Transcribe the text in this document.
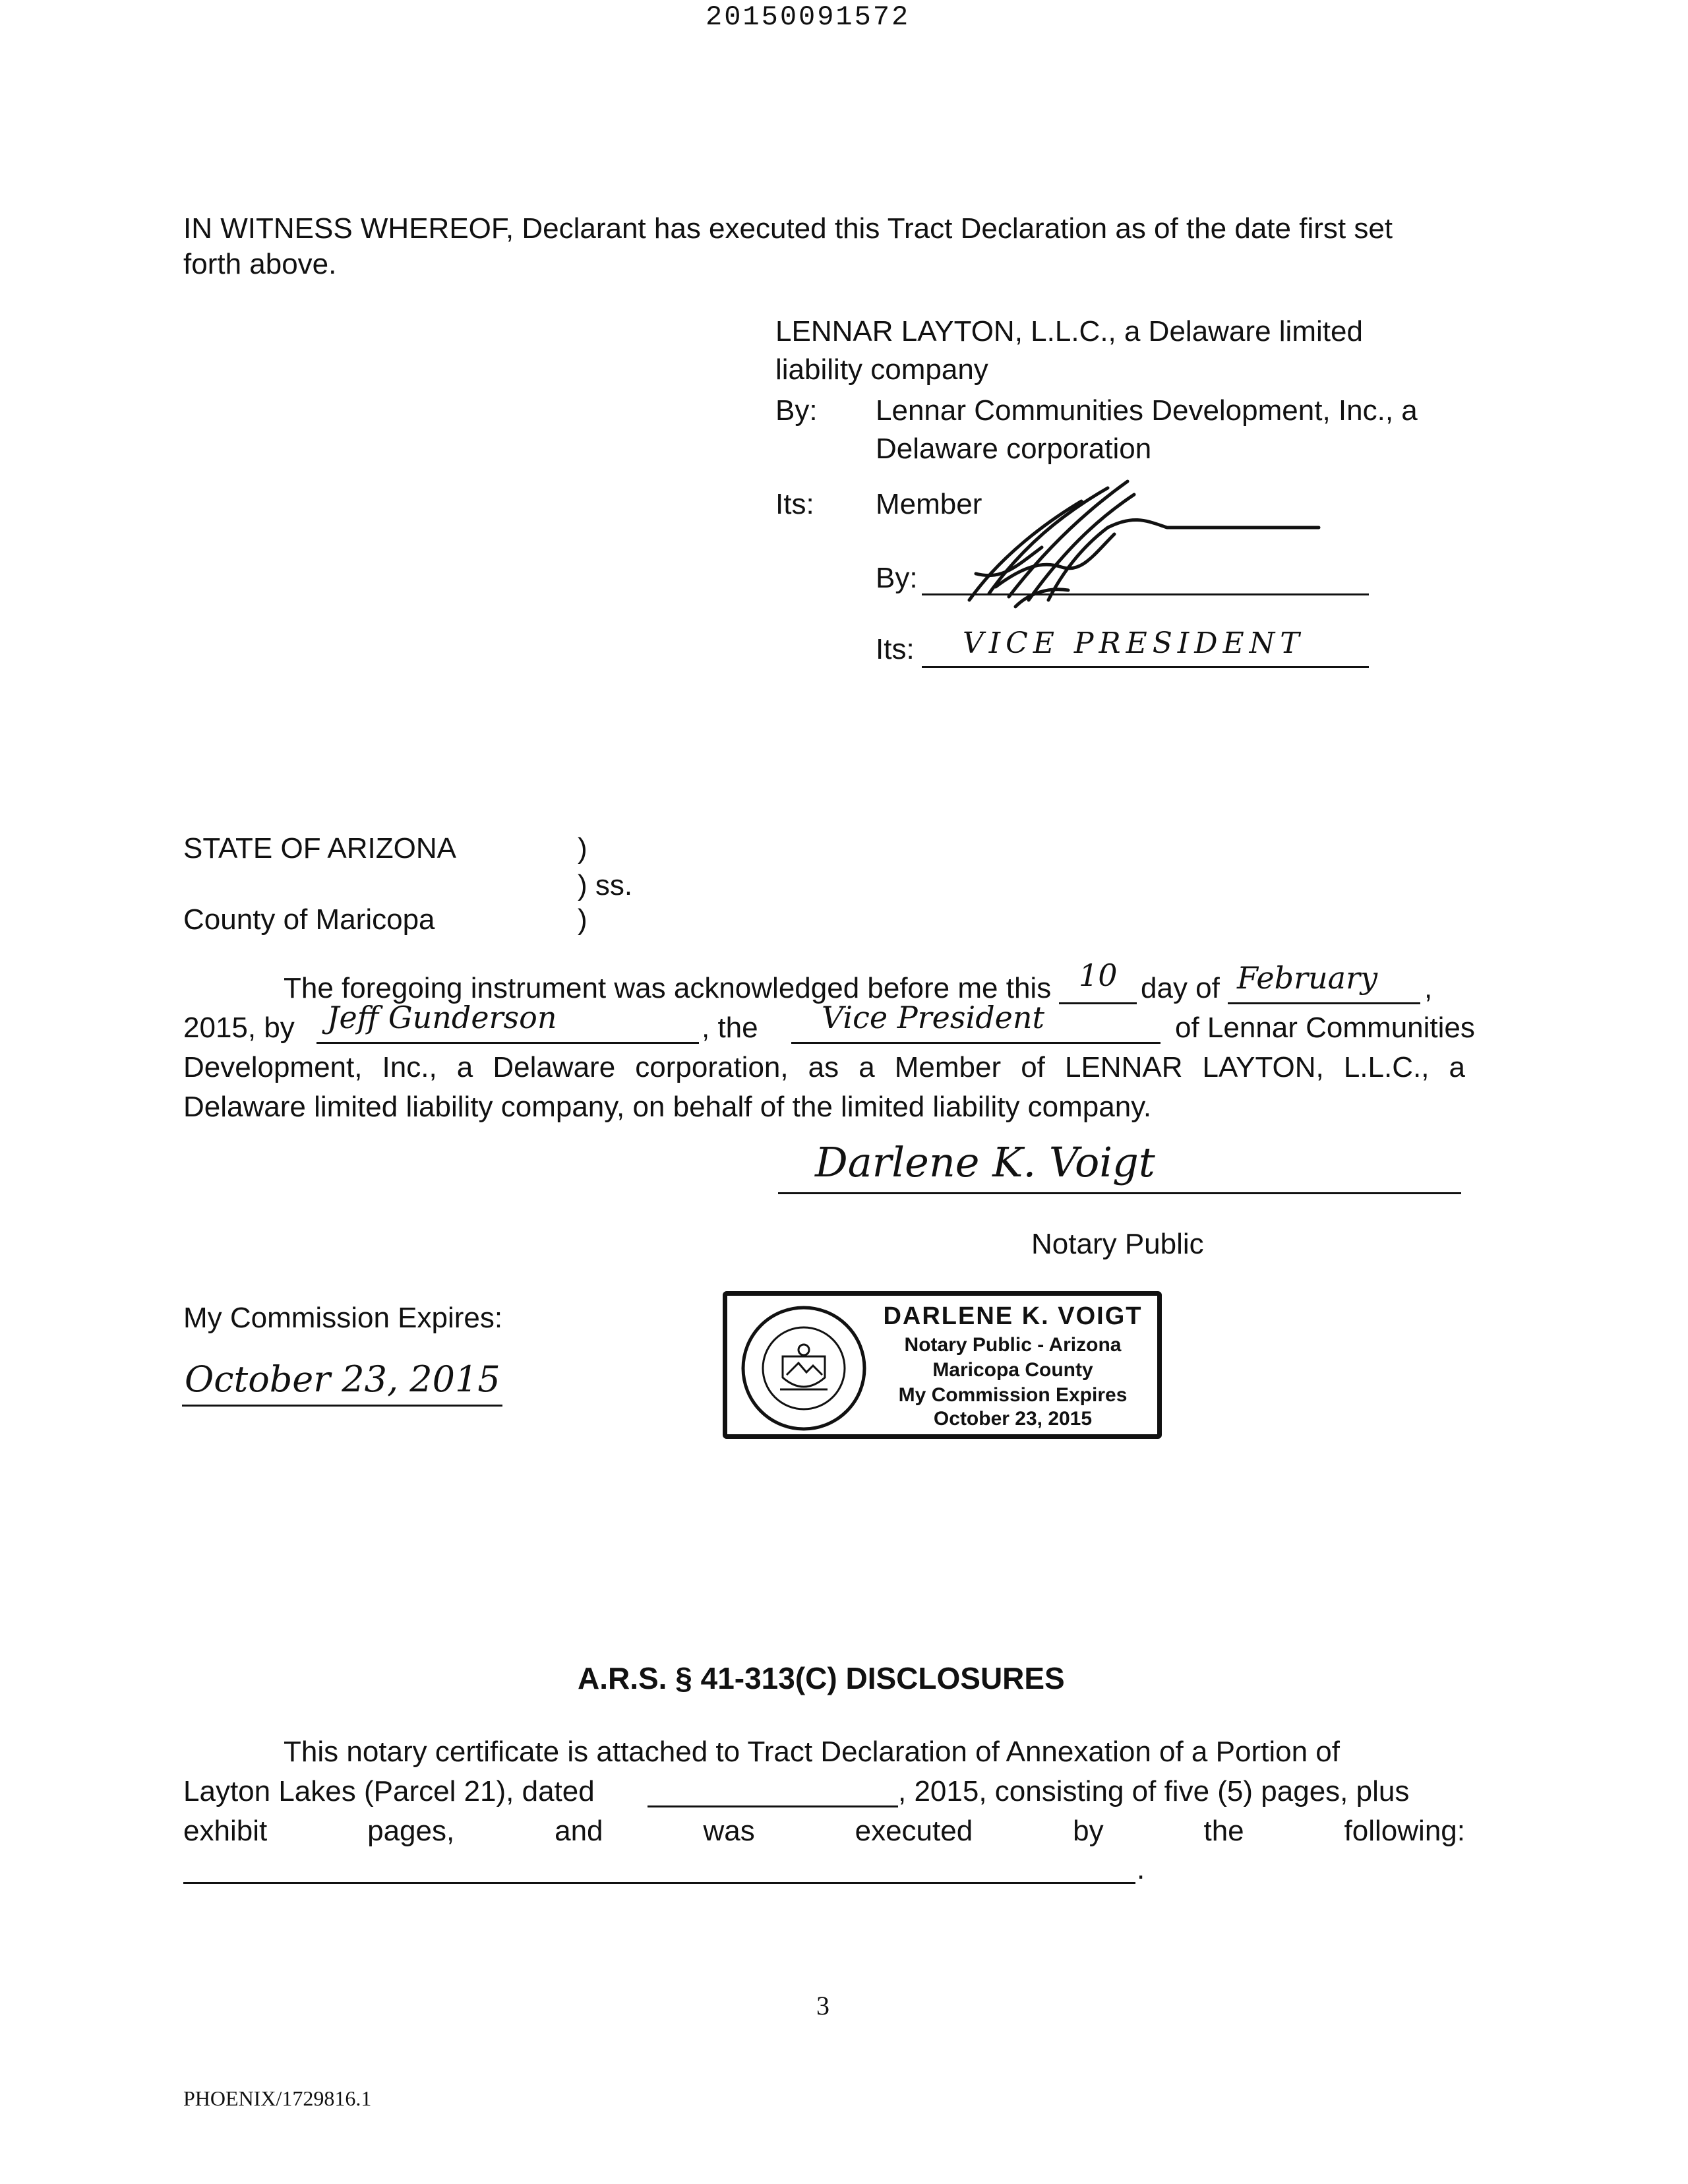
20150091572
IN WITNESS WHEREOF, Declarant has executed this Tract Declaration as of the date first set
forth above.
LENNAR LAYTON, L.L.C., a Delaware limited
liability company
By: Lennar Communities Development, Inc., a
Delaware corporation
Its: Member
By:
Its: VICE PRESIDENT
STATE OF ARIZONA	)
) ss.
County of Maricopa	)
The foregoing instrument was acknowledged before me this 10 day of February ,
2015, by Jeff Gunderson	, the Vice President	of Lennar Communities
Development, Inc., a Delaware corporation, as a Member of LENNAR LAYTON, L.L.C., a
Delaware limited liability company, on behalf of the limited liability company.
Darlene K. Voigt
Notary Public
My Commission Expires:
October 23, 2015
DARLENE K. VOIGT
Notary Public - Arizona
Maricopa County
My Commission Expires
October 23, 2015
A.R.S. § 41-313(C) DISCLOSURES
This notary certificate is attached to Tract Declaration of Annexation of a Portion of
Layton Lakes (Parcel 21), dated	, 2015, consisting of five (5) pages, plus
exhibit pages, and was executed by the following:
.
3
PHOENIX/1729816.1
